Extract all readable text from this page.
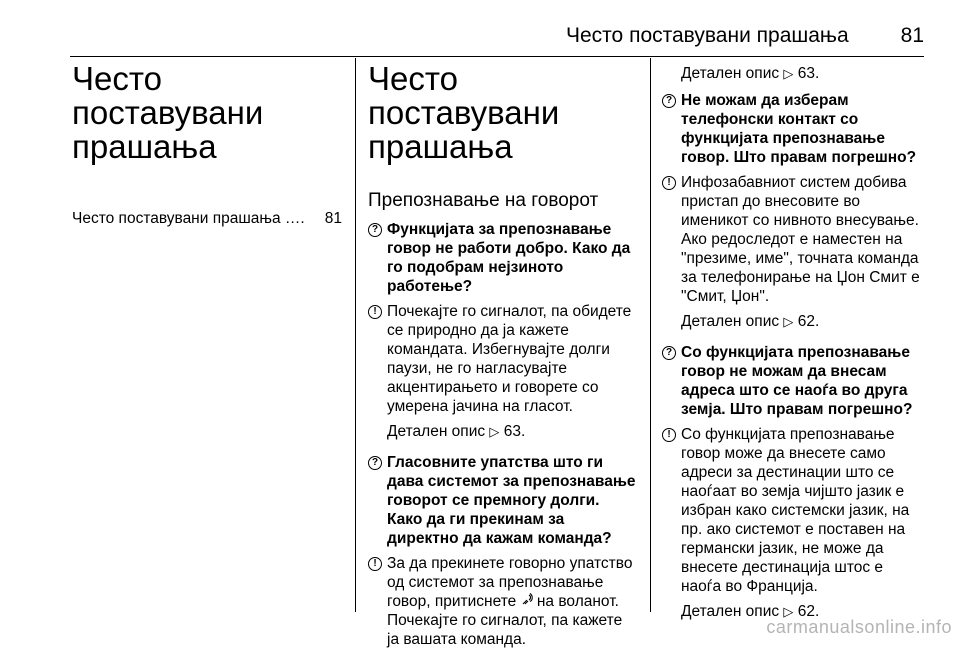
Често поставувани прашања 81
Често поставувани прашања
Често поставувани прашања …. 81
Често поставувани прашања
Препознавање на говорот
? Функцијата за препознавање говор не работи добро. Како да го подобрам нејзиното работење?
! Почекајте го сигналот, па обидете се природно да ја кажете командата. Избегнувајте долги паузи, не го нагласувајте акцентирањето и говорете со умерена јачина на гласот.
Детален опис ▷ 63.
? Гласовните упатства што ги дава системот за препознавање говорот се премногу долги. Како да ги прекинам за директно да кажам команда?
! За да прекинете говорно упатство од системот за препознавање говор, притиснете на воланот. Почекајте го сигналот, па кажете ја вашата команда.
Детален опис ▷ 63.
? Не можам да изберам телефонски контакт со функцијата препознавање говор. Што правам погрешно?
! Инфозабавниот систем добива пристап до внесовите во именикот со нивното внесување. Ако редоследот е наместен на "презиме, име", точната команда за телефонирање на Џон Смит е "Смит, Џон".
Детален опис ▷ 62.
? Со функцијата препознавање говор не можам да внесам адреса што се наоѓа во друга земја. Што правам погрешно?
! Со функцијата препознавање говор може да внесете само адреси за дестинации што се наоѓаат во земја чијшто јазик е избран како системски јазик, на пр. ако системот е поставен на германски јазик, не може да внесете дестинација штос е наоѓа во Франција.
Детален опис ▷ 62.
carmanualsonline.info
